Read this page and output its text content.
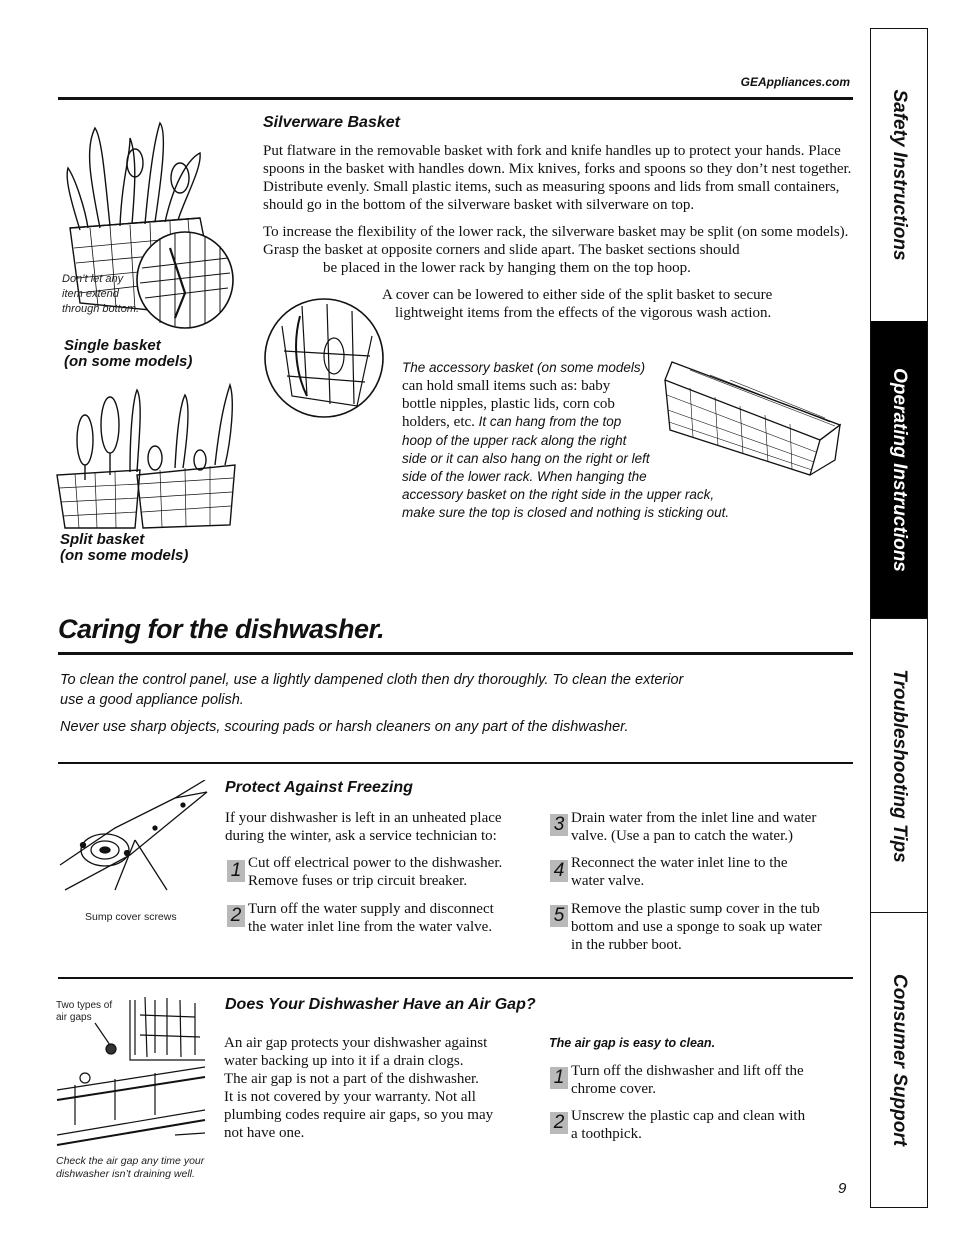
GEAppliances.com
Silverware Basket

Put flatware in the removable basket with fork and knife handles up to protect your hands. Place spoons in the basket with handles down. Mix knives, forks and spoons so they don’t nest together. Distribute evenly. Small plastic items, such as measuring spoons and lids from small containers, should go in the bottom of the silverware basket with silverware on top.

To increase the flexibility of the lower rack, the silverware basket may be split (on some models). Grasp the basket at opposite corners and slide apart. The basket sections should

be placed in the lower rack by hanging them on the top hoop.

A cover can be lowered to either side of the split basket to secure

lightweight items from the effects of the vigorous wash action.

Don’t let any
item extend
through bottom.
Single basket
(on some models)
Split basket
(on some models)
The accessory basket (on some models)
can hold small items such as: baby
bottle nipples, plastic lids, corn cob
holders, etc. It can hang from the top
hoop of the upper rack along the right
side or it can also hang on the right or left
side of the lower rack. When hanging the
accessory basket on the right side in the upper rack,
make sure the top is closed and nothing is sticking out.
Caring for the dishwasher.
To clean the control panel, use a lightly dampened cloth then dry thoroughly. To clean the exterior
use a good appliance polish.
Never use sharp objects, scouring pads or harsh cleaners on any part of the dishwasher.
Protect Against Freezing
If your dishwasher is left in an unheated place
during the winter, ask a service technician to:
Sump cover screws
1 Cut off electrical power to the dishwasher.
Remove fuses or trip circuit breaker.
2 Turn off the water supply and disconnect
the water inlet line from the water valve.
3 Drain water from the inlet line and water
valve. (Use a pan to catch the water.)
4 Reconnect the water inlet line to the
water valve.
5 Remove the plastic sump cover in the tub
bottom and use a sponge to soak up water
in the rubber boot.
Does Your Dishwasher Have an Air Gap?
An air gap protects your dishwasher against
water backing up into it if a drain clogs.
The air gap is not a part of the dishwasher.
It is not covered by your warranty. Not all
plumbing codes require air gaps, so you may
not have one.
The air gap is easy to clean.
1 Turn off the dishwasher and lift off the
chrome cover.
2 Unscrew the plastic cap and clean with
a toothpick.
Two types of
air gaps
Check the air gap any time your
dishwasher isn’t draining well.
9
Safety Instructions
Operating Instructions
Troubleshooting Tips
Consumer Support
